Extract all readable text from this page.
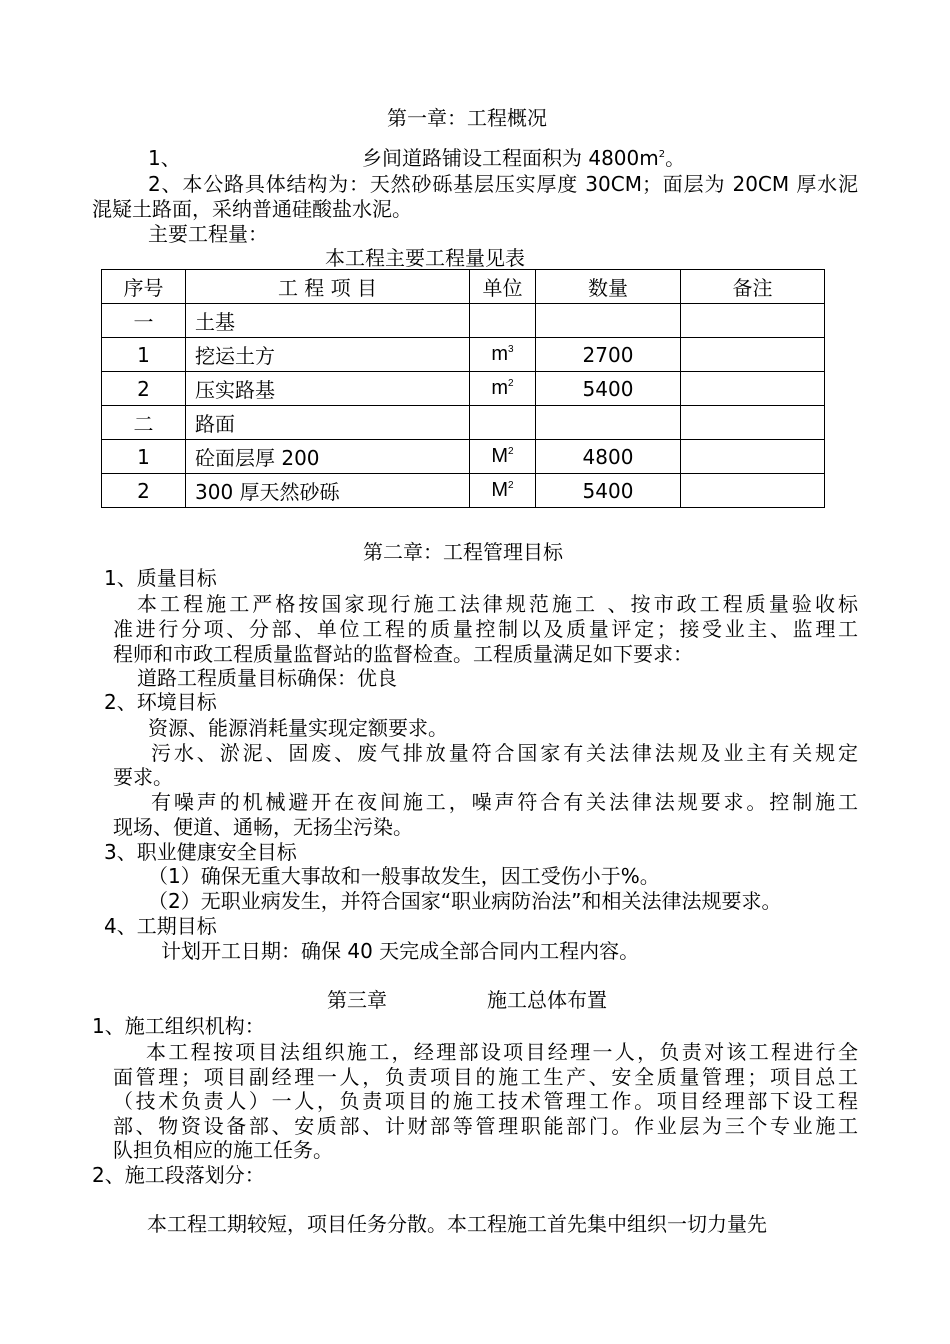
第一章：工程概况
1、	乡间道路铺设工程面积为 $4800m^2$。
2、本公路具体结构为：天然砂砾基层压实厚度 30CM；面层为 20CM 厚水泥
混疑土路面，采纳普通硅酸盐水泥。
主要工程量：
本工程主要工程量见表
序号	工 程 项 目	单位	数量	备注
一	土基			
1	挖运土方	$m^3$	2700	
2	压实路基	$m^2$	5400	
二	路面			
1	砼面层厚 200	$M^2$	4800	
2	300 厚天然砂砾	$M^2$	5400	
第二章：工程管理目标
1、质量目标
本工程施工严格按国家现行施工法律规范施工 、按市政工程质量验收标
准进行分项、分部、单位工程的质量控制以及质量评定；接受业主、监理工
程师和市政工程质量监督站的监督检查。工程质量满足如下要求：
道路工程质量目标确保：优良
2、环境目标
资源、能源消耗量实现定额要求。
污水、淤泥、固废、废气排放量符合国家有关法律法规及业主有关规定
要求。
有噪声的机械避开在夜间施工，噪声符合有关法律法规要求。控制施工
现场、便道、通畅，无扬尘污染。
3、职业健康安全目标
（1）确保无重大事故和一般事故发生，因工受伤小于%。
（2）无职业病发生，并符合国家“职业病防治法”和相关法律法规要求。
4、工期目标
计划开工日期：确保 40 天完成全部合同内工程内容。
第三章	施工总体布置
1、施工组织机构：
本工程按项目法组织施工，经理部设项目经理一人，负责对该工程进行全
面管理；项目副经理一人，负责项目的施工生产、安全质量管理；项目总工
（技术负责人）一人，负责项目的施工技术管理工作。项目经理部下设工程
部、物资设备部、安质部、计财部等管理职能部门。作业层为三个专业施工
队担负相应的施工任务。
2、施工段落划分：
本工程工期较短，项目任务分散。本工程施工首先集中组织一切力量先
